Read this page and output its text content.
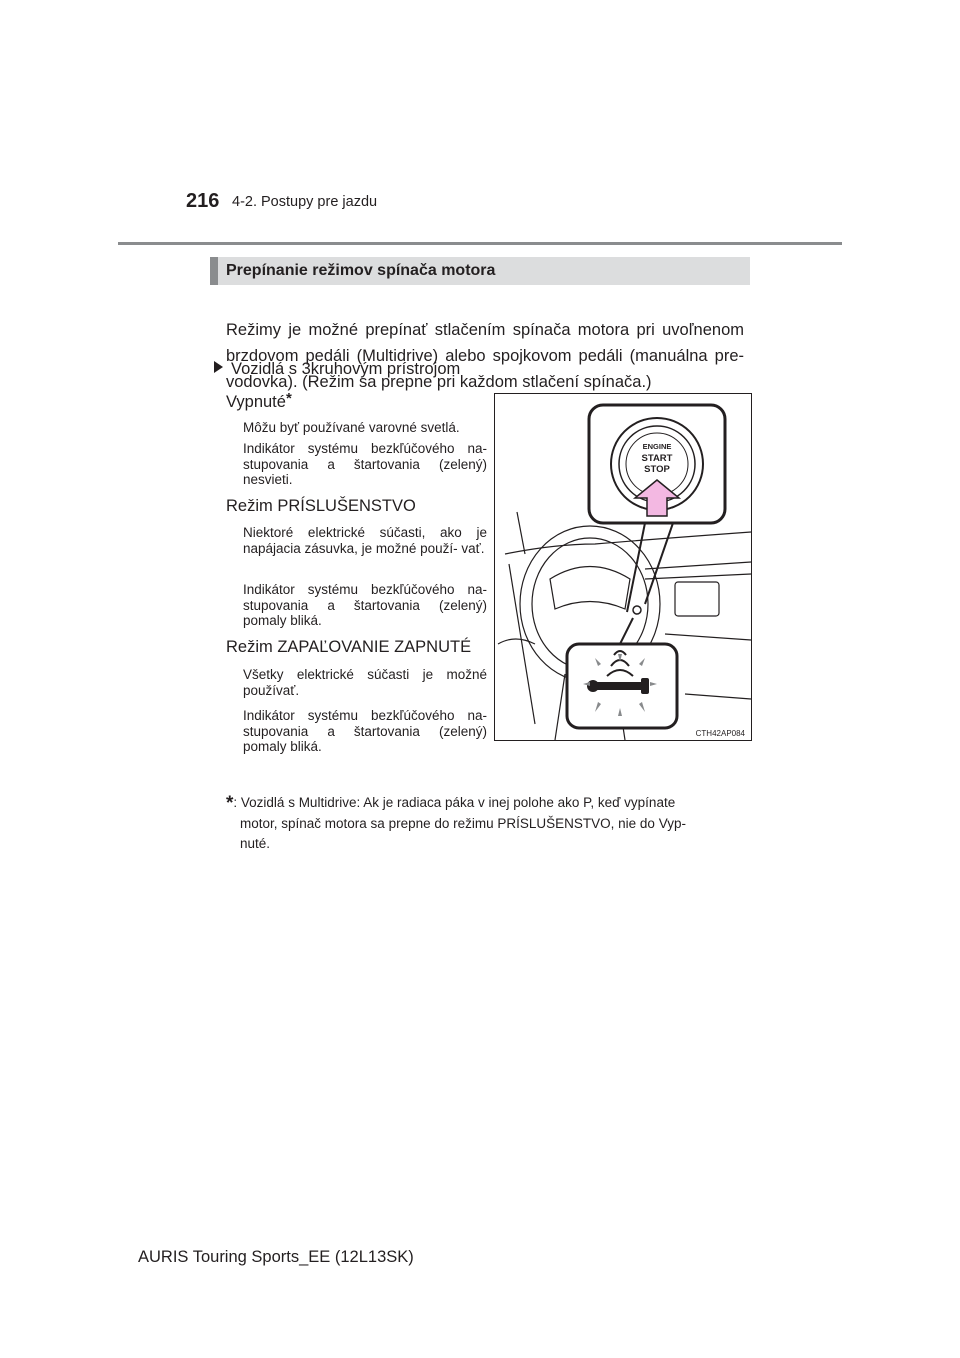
216 4-2. Postupy pre jazdu
Prepínanie režimov spínača motora
Režimy je možné prepínať stlačením spínača motora pri uvoľnenom
brzdovom pedáli (Multidrive) alebo spojkovom pedáli (manuálna pre-
vodovka). (Režim sa prepne pri každom stlačení spínača.)
Vozidlá s 3kruhovým prístrojom
Vypnuté*
Môžu byť používané varovné svetlá.
Indikátor systému bezkľúčového na- stupovania a štartovania (zelený) nesvieti.
Režim PRÍSLUŠENSTVO
Niektoré elektrické súčasti, ako je napájacia zásuvka, je možné použí- vať.
Indikátor systému bezkľúčového na- stupovania a štartovania (zelený) pomaly bliká.
Režim ZAPAĽOVANIE ZAPNUTÉ
Všetky elektrické súčasti je možné používať.
Indikátor systému bezkľúčového na- stupovania a štartovania (zelený) pomaly bliká.
ENGINE
START
STOP
CTH42AP084
*: Vozidlá s Multidrive: Ak je radiaca páka v inej polohe ako P, keď vypínate
motor, spínač motora sa prepne do režimu PRÍSLUŠENSTVO, nie do Vyp-
nuté.
AURIS Touring Sports_EE (12L13SK)
